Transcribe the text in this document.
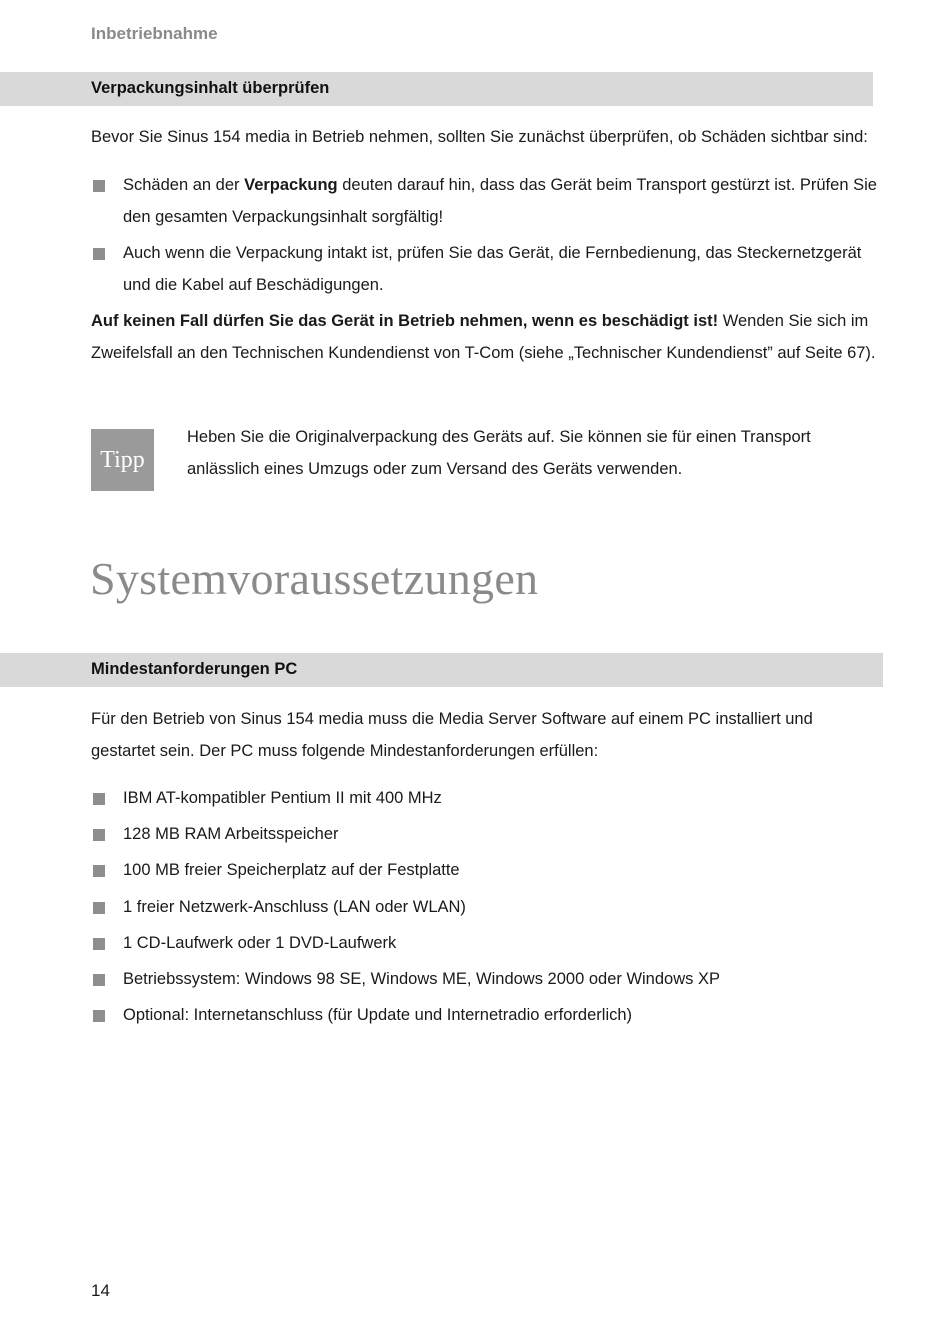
Inbetriebnahme
Verpackungsinhalt überprüfen
Bevor Sie Sinus 154 media in Betrieb nehmen, sollten Sie zunächst überprüfen, ob Schäden sichtbar sind:
Schäden an der Verpackung deuten darauf hin, dass das Gerät beim Transport gestürzt ist. Prüfen Sie den gesamten Verpackungsinhalt sorgfältig!
Auch wenn die Verpackung intakt ist, prüfen Sie das Gerät, die Fernbedienung, das Steckernetzgerät und die Kabel auf Beschädigungen.
Auf keinen Fall dürfen Sie das Gerät in Betrieb nehmen, wenn es beschädigt ist! Wenden Sie sich im Zweifelsfall an den Technischen Kundendienst von T-Com (siehe „Technischer Kundendienst” auf Seite 67).
Tipp
Heben Sie die Originalverpackung des Geräts auf. Sie können sie für einen Transport anlässlich eines Umzugs oder zum Versand des Geräts verwenden.
Systemvoraussetzungen
Mindestanforderungen PC
Für den Betrieb von Sinus 154 media muss die Media Server Software auf einem PC installiert und gestartet sein. Der PC muss folgende Mindestanforderungen erfüllen:
IBM AT-kompatibler Pentium II mit 400 MHz
128 MB RAM Arbeitsspeicher
100 MB freier Speicherplatz auf der Festplatte
1 freier Netzwerk-Anschluss (LAN oder WLAN)
1 CD-Laufwerk oder 1 DVD-Laufwerk
Betriebssystem: Windows 98 SE, Windows ME, Windows 2000 oder Windows XP
Optional: Internetanschluss (für Update und Internetradio erforderlich)
14
